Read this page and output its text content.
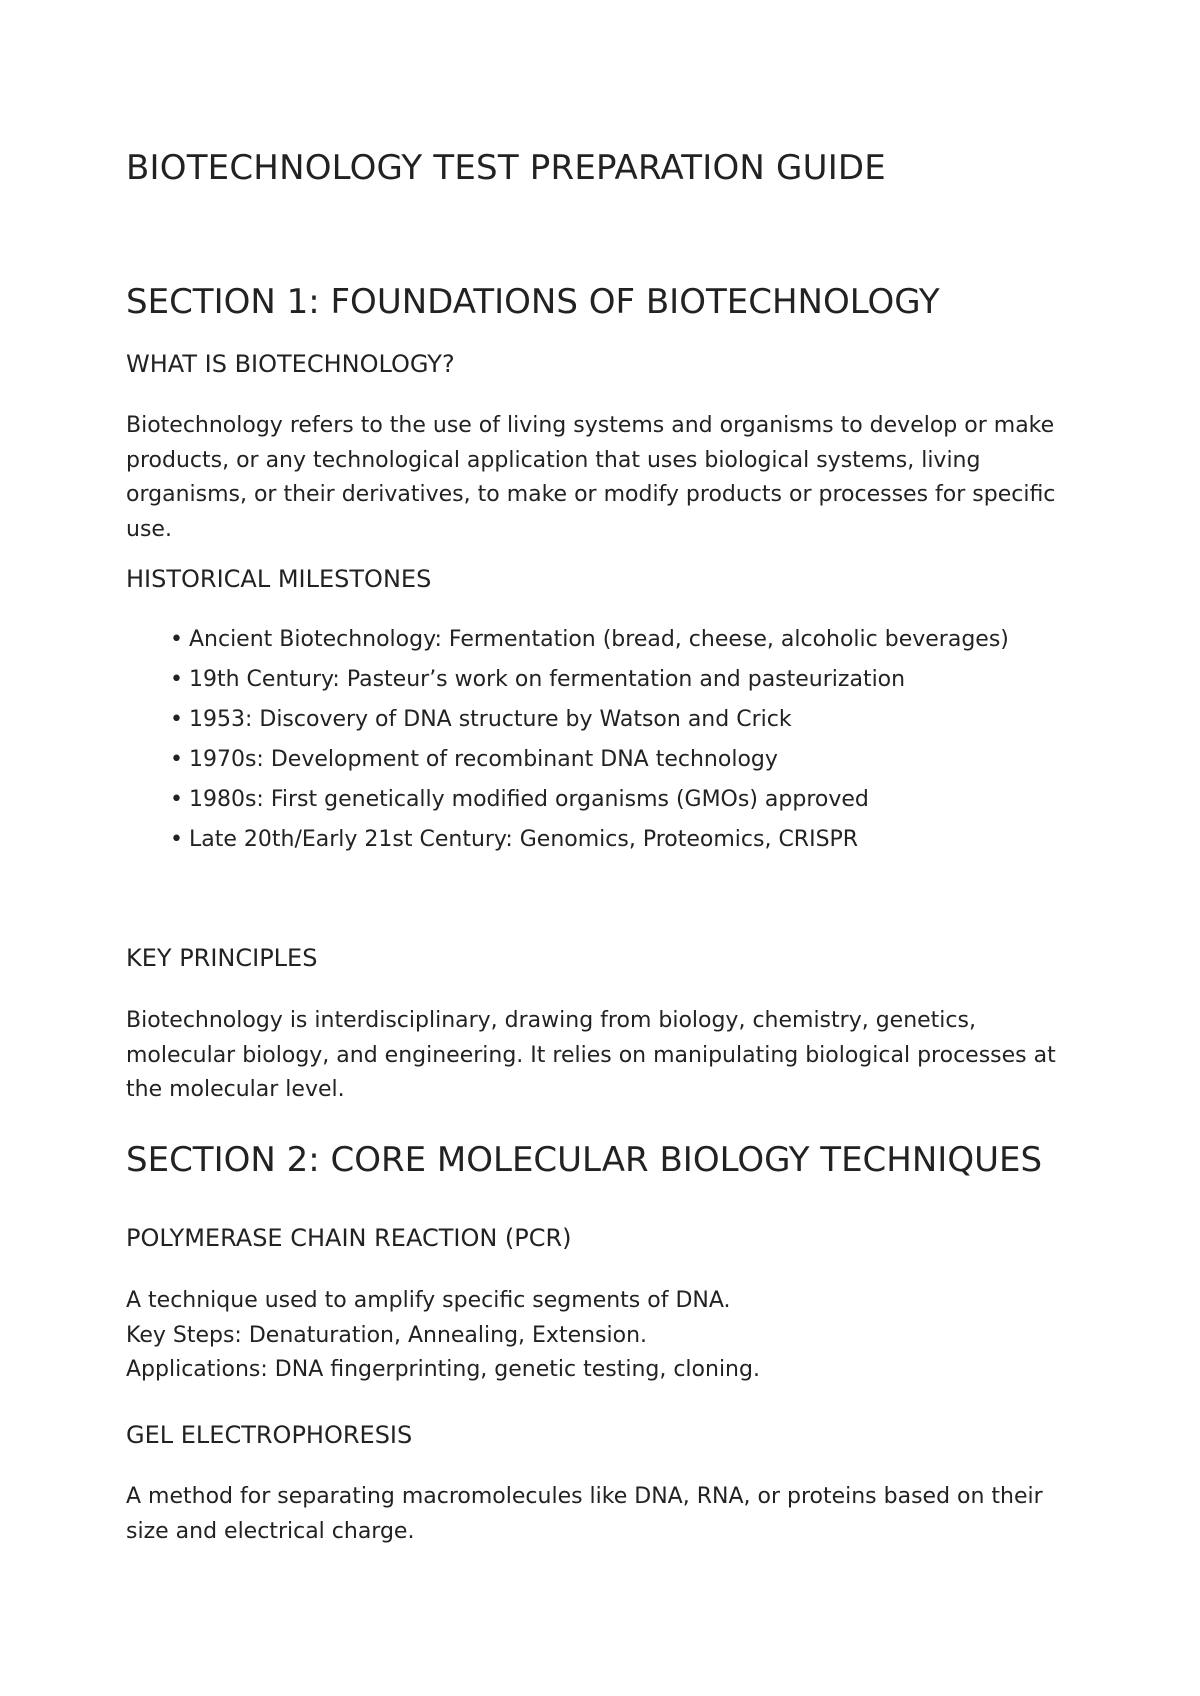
BIOTECHNOLOGY TEST PREPARATION GUIDE
SECTION 1: FOUNDATIONS OF BIOTECHNOLOGY
WHAT IS BIOTECHNOLOGY?

Biotechnology refers to the use of living systems and organisms to develop or make products, or any technological application that uses biological systems, living organisms, or their derivatives, to make or modify products or processes for specific use.

HISTORICAL MILESTONES
• Ancient Biotechnology: Fermentation (bread, cheese, alcoholic beverages)
• 19th Century: Pasteur’s work on fermentation and pasteurization
• 1953: Discovery of DNA structure by Watson and Crick
• 1970s: Development of recombinant DNA technology
• 1980s: First genetically modified organisms (GMOs) approved
• Late 20th/Early 21st Century: Genomics, Proteomics, CRISPR
KEY PRINCIPLES

Biotechnology is interdisciplinary, drawing from biology, chemistry, genetics, molecular biology, and engineering. It relies on manipulating biological processes at the molecular level.

SECTION 2: CORE MOLECULAR BIOLOGY TECHNIQUES
POLYMERASE CHAIN REACTION (PCR)

A technique used to amplify specific segments of DNA.
Key Steps: Denaturation, Annealing, Extension.
Applications: DNA fingerprinting, genetic testing, cloning.

GEL ELECTROPHORESIS

A method for separating macromolecules like DNA, RNA, or proteins based on their size and electrical charge.
